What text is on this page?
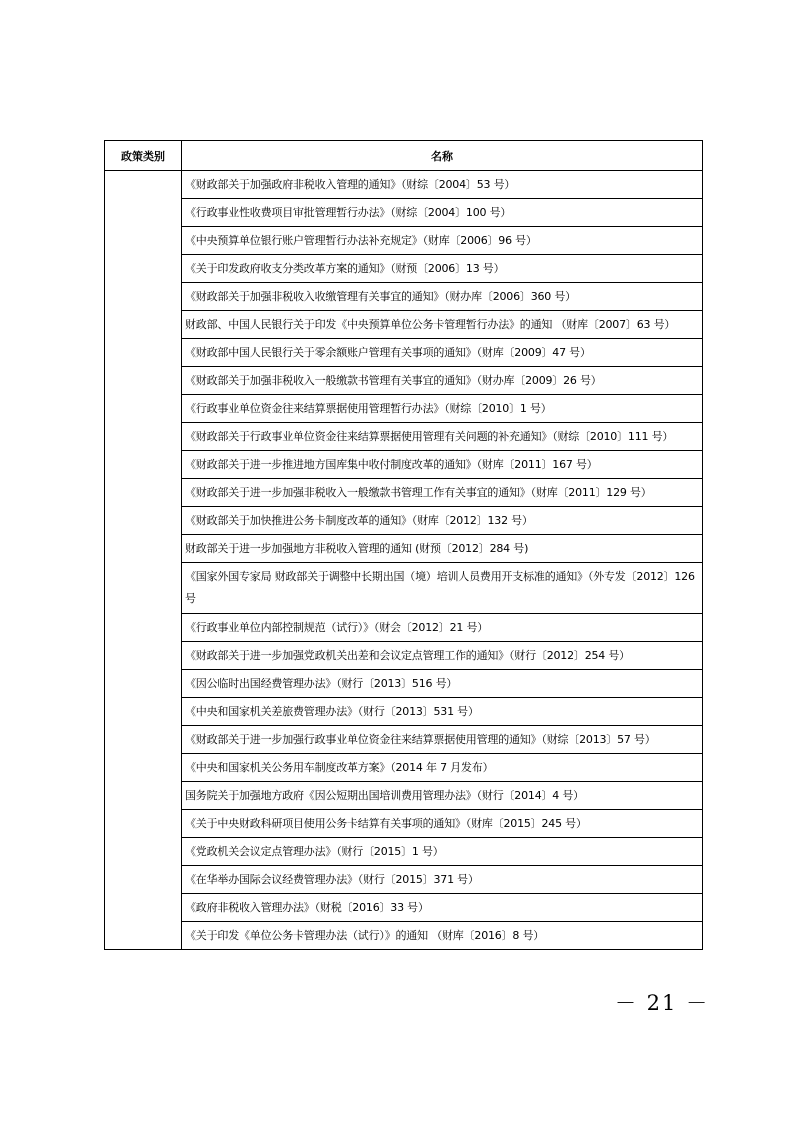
政策类别	名称
	《财政部关于加强政府非税收入管理的通知》（财综〔2004〕53 号）
	《行政事业性收费项目审批管理暂行办法》（财综〔2004〕100 号）
	《中央预算单位银行账户管理暂行办法补充规定》（财库〔2006〕96 号）
	《关于印发政府收支分类改革方案的通知》（财预〔2006〕13 号）
	《财政部关于加强非税收入收缴管理有关事宜的通知》（财办库〔2006〕360 号）
	财政部、中国人民银行关于印发《中央预算单位公务卡管理暂行办法》的通知 （财库〔2007〕63 号）
	《财政部中国人民银行关于零余额账户管理有关事项的通知》（财库〔2009〕47 号）
	《财政部关于加强非税收入一般缴款书管理有关事宜的通知》（财办库〔2009〕26 号）
	《行政事业单位资金往来结算票据使用管理暂行办法》（财综〔2010〕1 号）
	《财政部关于行政事业单位资金往来结算票据使用管理有关问题的补充通知》（财综〔2010〕111 号）
	《财政部关于进一步推进地方国库集中收付制度改革的通知》（财库〔2011〕167 号）
	《财政部关于进一步加强非税收入一般缴款书管理工作有关事宜的通知》（财库〔2011〕129 号）
	《财政部关于加快推进公务卡制度改革的通知》（财库〔2012〕132 号）
	财政部关于进一步加强地方非税收入管理的通知 (财预〔2012〕284 号)
	《国家外国专家局 财政部关于调整中长期出国（境）培训人员费用开支标准的通知》（外专发〔2012〕126 号
	《行政事业单位内部控制规范（试行）》（财会〔2012〕21 号）
	《财政部关于进一步加强党政机关出差和会议定点管理工作的通知》（财行〔2012〕254 号）
	《因公临时出国经费管理办法》（财行〔2013〕516 号）
	《中央和国家机关差旅费管理办法》（财行〔2013〕531 号）
	《财政部关于进一步加强行政事业单位资金往来结算票据使用管理的通知》（财综〔2013〕57 号）
	《中央和国家机关公务用车制度改革方案》（2014 年 7 月发布）
	国务院关于加强地方政府《因公短期出国培训费用管理办法》（财行〔2014〕4 号）
	《关于中央财政科研项目使用公务卡结算有关事项的通知》（财库〔2015〕245 号）
	《党政机关会议定点管理办法》（财行〔2015〕1 号）
	《在华举办国际会议经费管理办法》（财行〔2015〕371 号）
	《政府非税收入管理办法》（财税〔2016〕33 号）
	《关于印发《单位公务卡管理办法（试行）》的通知 （财库〔2016〕8 号）
－ 21 －
